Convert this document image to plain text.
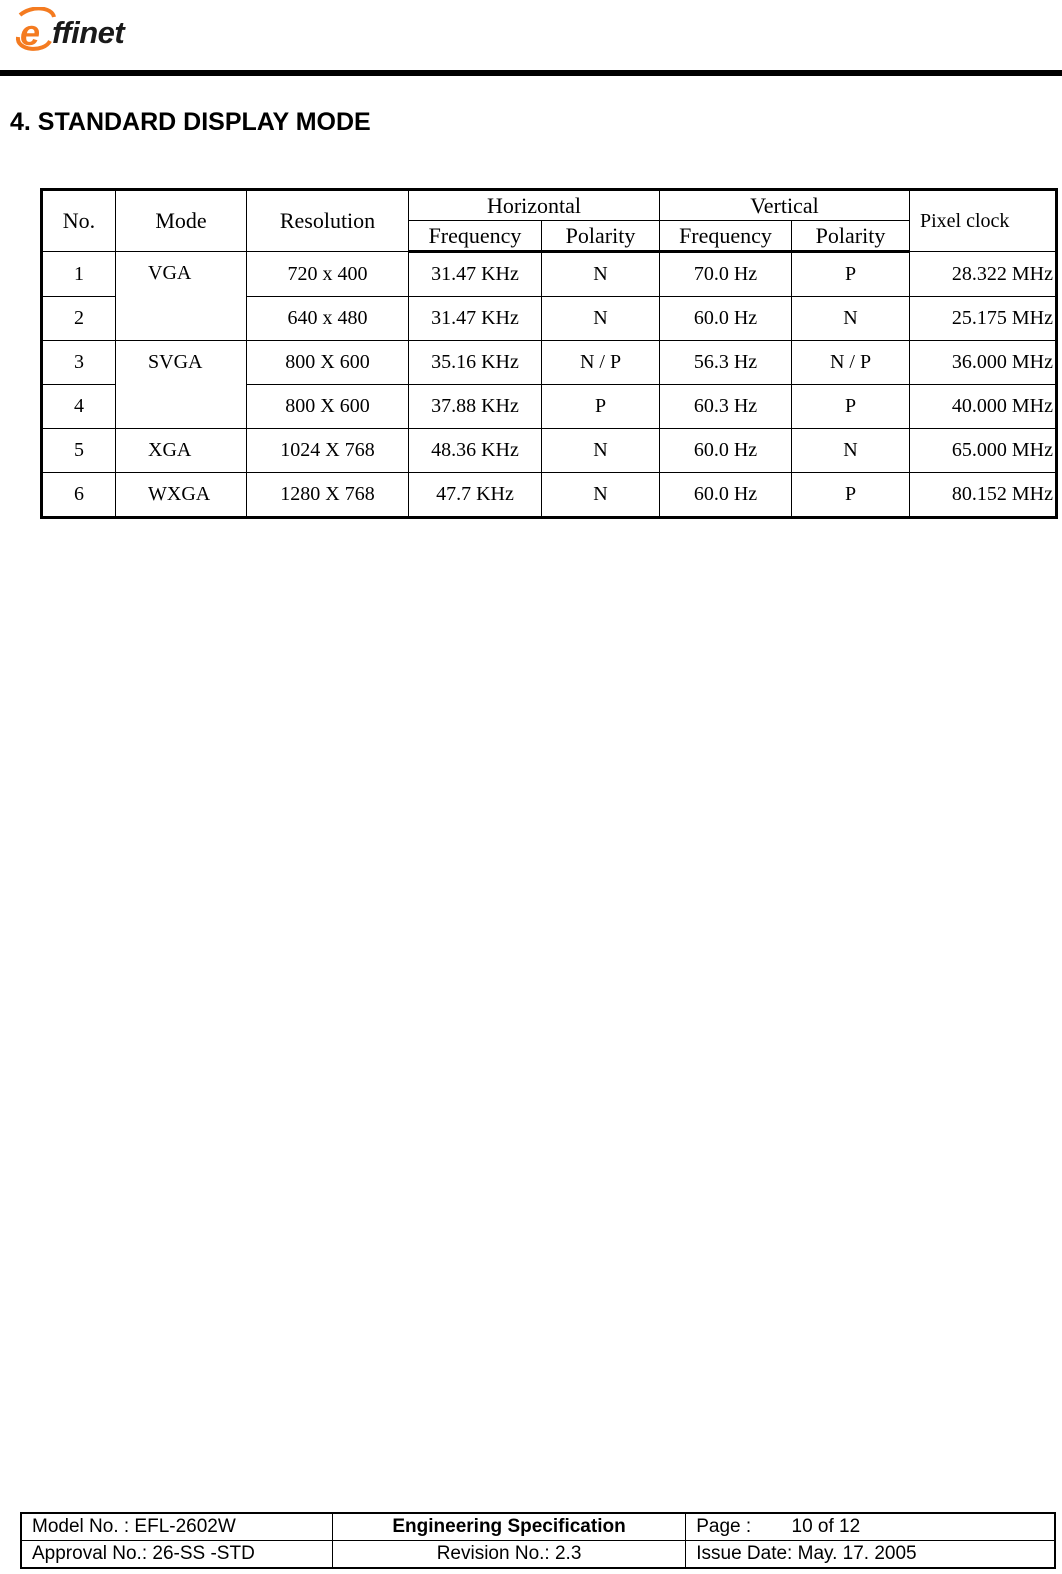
e ffinet
4. STANDARD DISPLAY MODE
No.	Mode	Resolution	Horizontal		Vertical		Pixel clock
			Frequency	Polarity	Frequency	Polarity	
1	VGA	720 x 400	31.47 KHz	N	70.0 Hz	P	28.322 MHz
2		640 x 480	31.47 KHz	N	60.0 Hz	N	25.175 MHz
3	SVGA	800 X 600	35.16 KHz	N / P	56.3 Hz	N / P	36.000 MHz
4		800 X 600	37.88 KHz	P	60.3 Hz	P	40.000 MHz
5	XGA	1024 X 768	48.36 KHz	N	60.0 Hz	N	65.000 MHz
6	WXGA	1280 X 768	47.7 KHz	N	60.0 Hz	P	80.152 MHz
Model No. : EFL-2602W	Engineering Specification	Page : 10 of 12
Approval No.: 26-SS -STD	Revision No.: 2.3	Issue Date: May. 17. 2005
